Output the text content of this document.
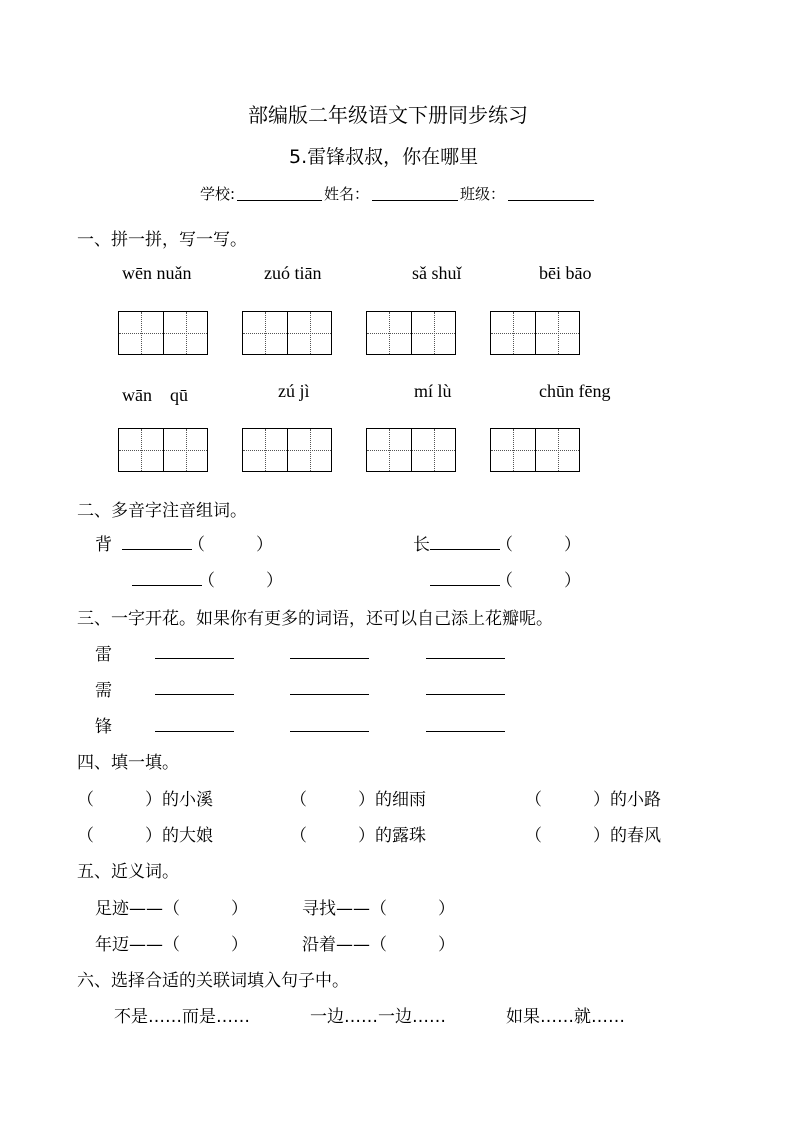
部编版二年级语文下册同步练习
5.雷锋叔叔，你在哪里
学校:	姓名：	班级：
一、拼一拼，写一写。
wēn nuǎn	zuó tiān	sǎ shuǐ	bēi bāo
wān　qū	zú jì	mí lù	chūn fēng
二、多音字注音组词。
背	（　　　）	长	（　　　）
（　　　）	（　　　）
三、一字开花。如果你有更多的词语，还可以自己添上花瓣呢。
雷
需
锋
四、填一填。
（　　　）的小溪	（　　　）的细雨	（　　　）的小路
（　　　）的大娘	（　　　）的露珠	（　　　）的春风
五、近义词。
足迹——（　　　）	寻找——（　　　）
年迈——（　　　）	沿着——（　　　）
六、选择合适的关联词填入句子中。
不是……而是……	一边……一边……	如果……就……
